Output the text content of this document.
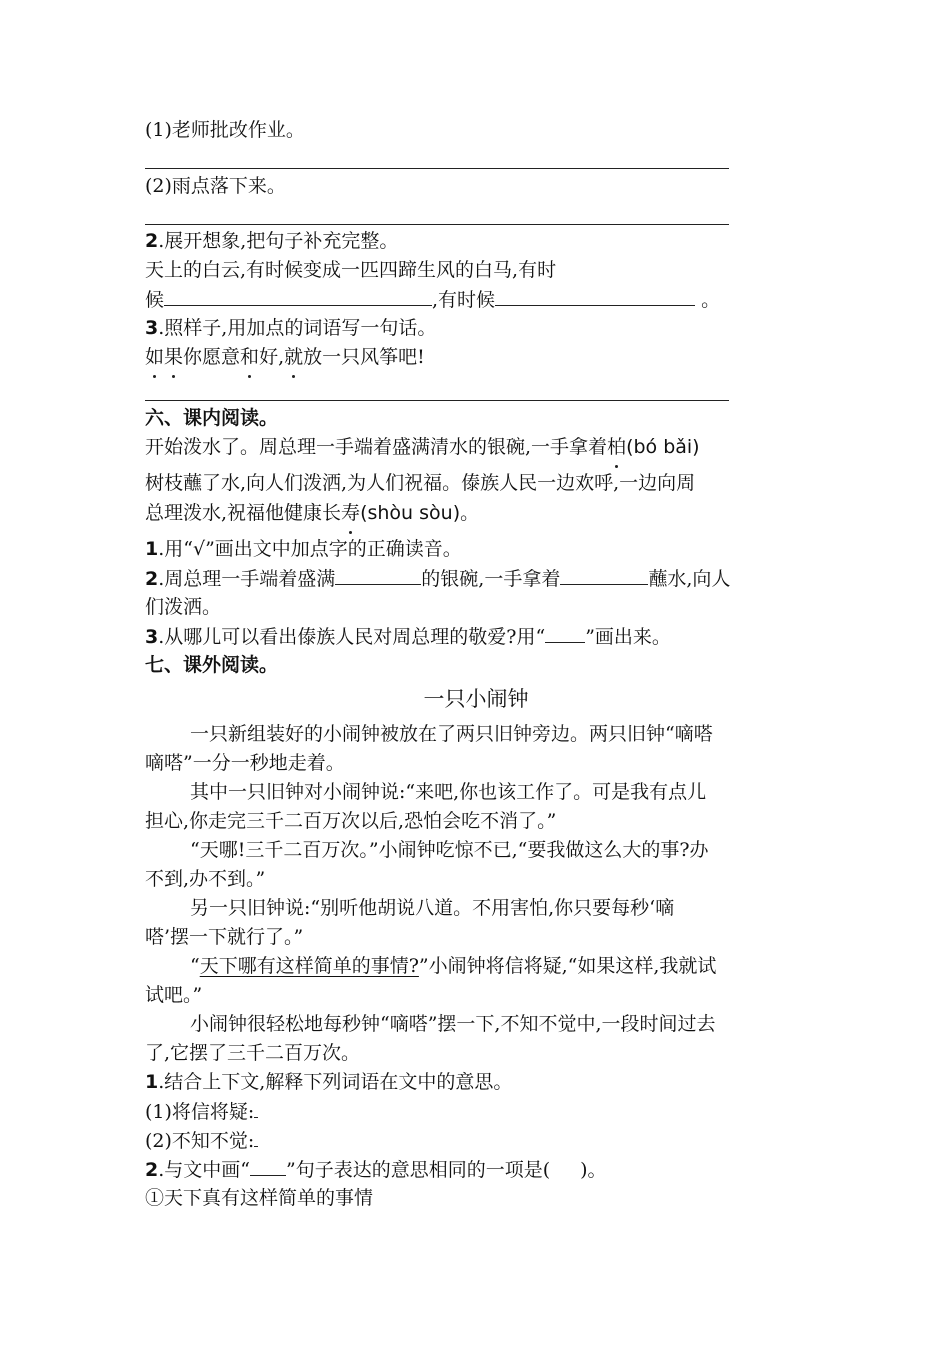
(1)老师批改作业。
(2)雨点落下来。
2.展开想象,把句子补充完整。
天上的白云,有时候变成一匹四蹄生风的白马,有时
候	,有时候	。
3.照样子,用加点的词语写一句话。
如果你愿意和好,就放一只风筝吧!
六、课内阅读。
开始泼水了。周总理一手端着盛满清水的银碗,一手拿着柏(bó bǎi)
树枝蘸了水,向人们泼洒,为人们祝福。傣族人民一边欢呼,一边向周
总理泼水,祝福他健康长寿(shòu sòu)。
1.用“√”画出文中加点字的正确读音。
2.周总理一手端着盛满	的银碗,一手拿着	蘸水,向人
们泼洒。
3.从哪儿可以看出傣族人民对周总理的敬爱?用“ ”画出来。
七、课外阅读。
一只小闹钟
一只新组装好的小闹钟被放在了两只旧钟旁边。两只旧钟“嘀嗒
嘀嗒”一分一秒地走着。
其中一只旧钟对小闹钟说:“来吧,你也该工作了。可是我有点儿
担心,你走完三千二百万次以后,恐怕会吃不消了。”
“天哪!三千二百万次。”小闹钟吃惊不已,“要我做这么大的事?办
不到,办不到。”
另一只旧钟说:“别听他胡说八道。不用害怕,你只要每秒‘嘀
嗒’摆一下就行了。”
“天下哪有这样简单的事情?”小闹钟将信将疑,“如果这样,我就试
试吧。”
小闹钟很轻松地每秒钟“嘀嗒”摆一下,不知不觉中,一段时间过去
了,它摆了三千二百万次。
1.结合上下文,解释下列词语在文中的意思。
(1)将信将疑:
(2)不知不觉:
2.与文中画“ ”句子表达的意思相同的一项是( )。
①天下真有这样简单的事情
